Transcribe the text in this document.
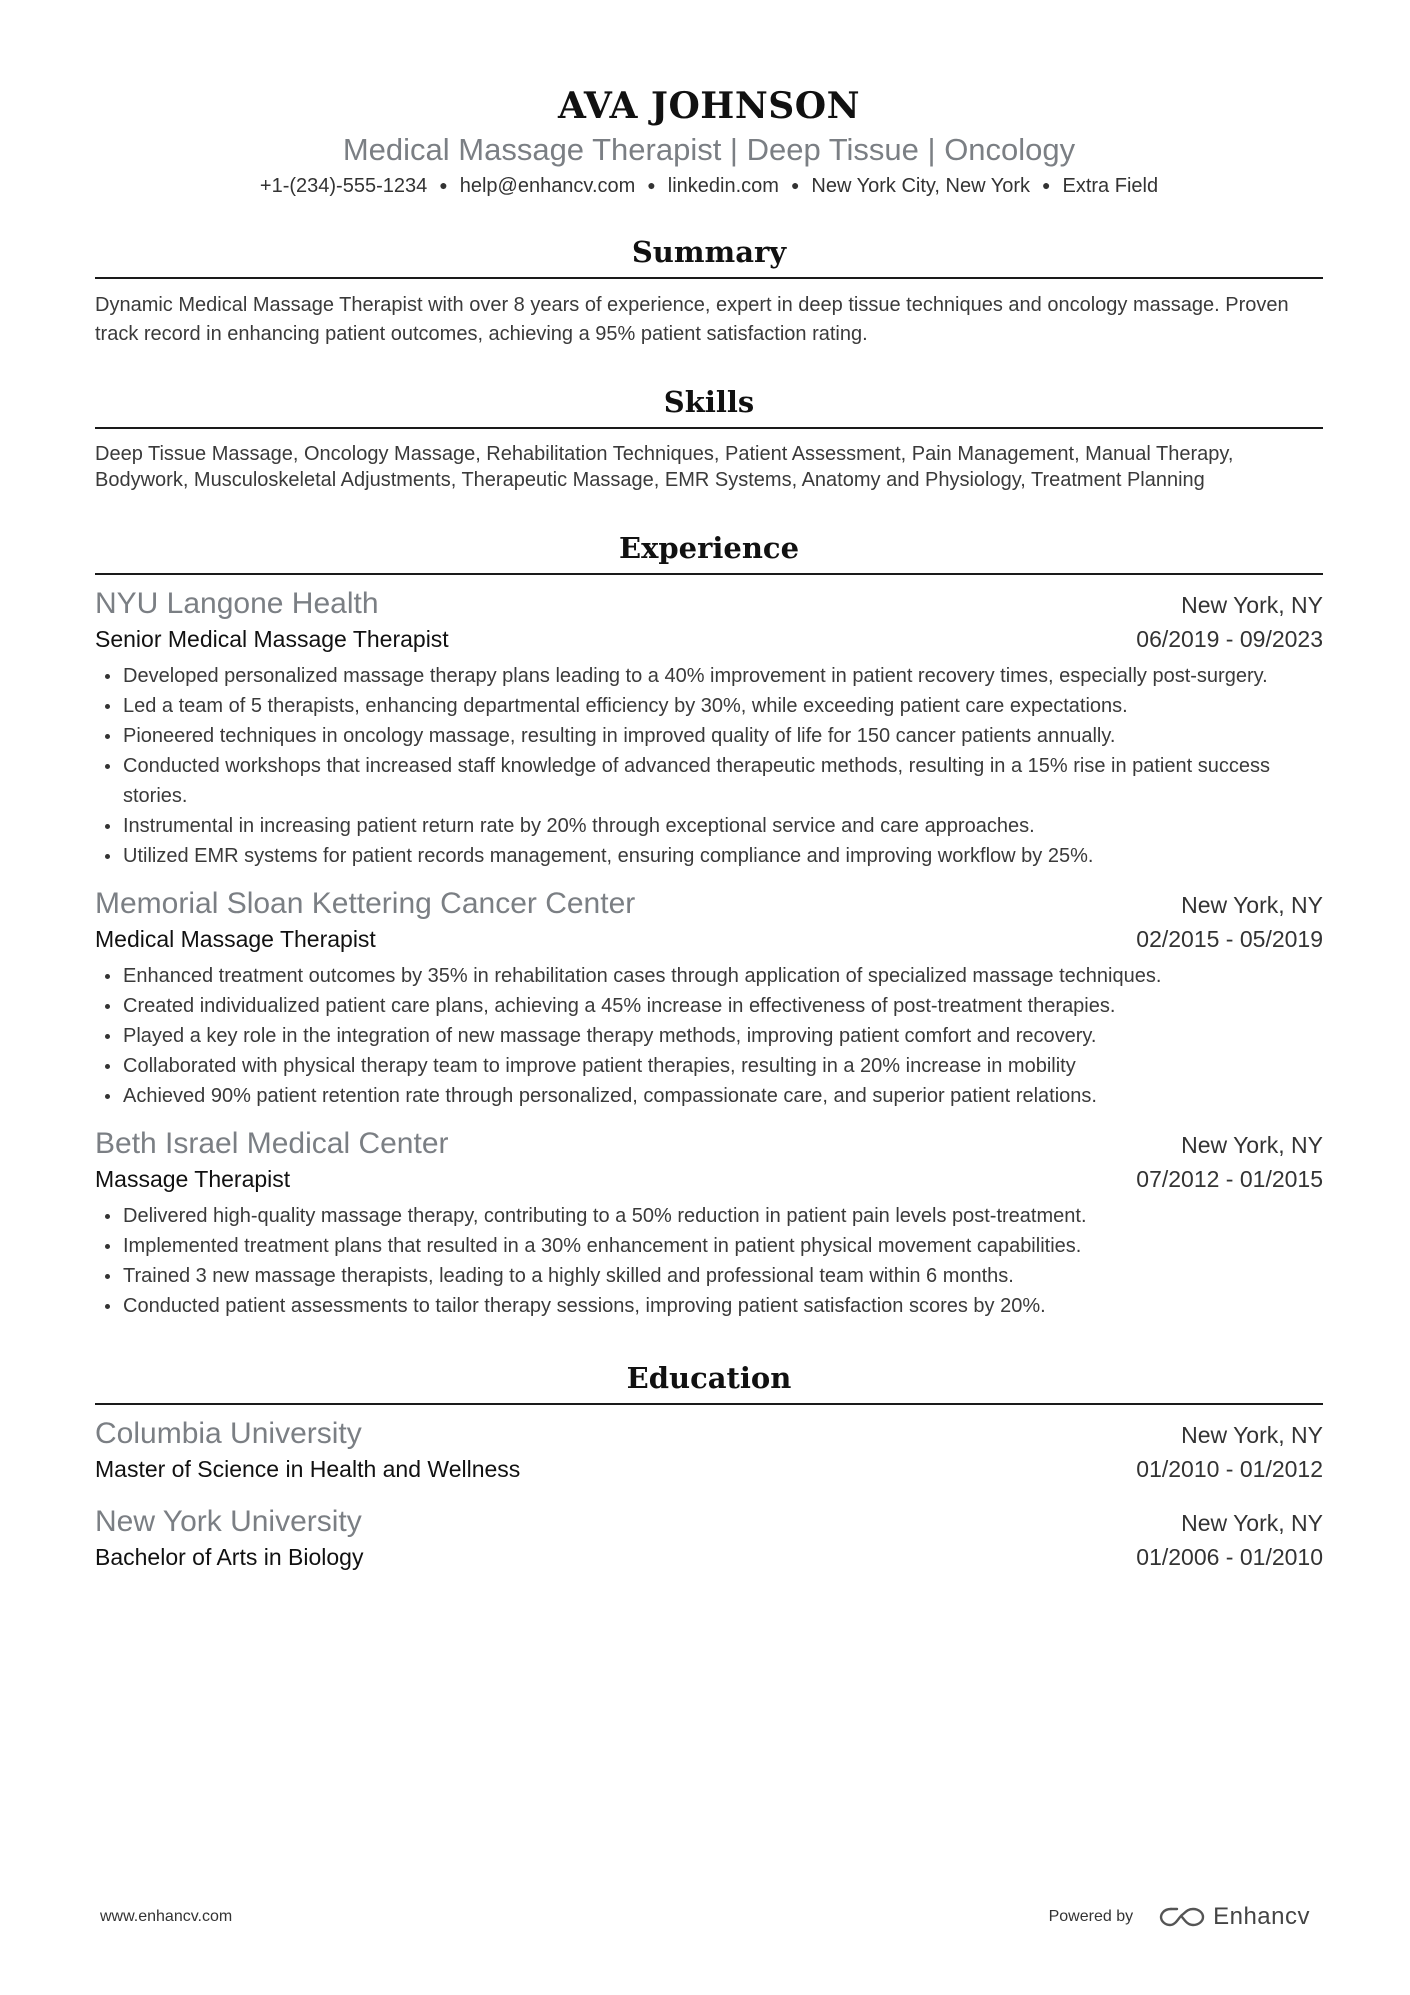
AVA JOHNSON
Medical Massage Therapist | Deep Tissue | Oncology
+1-(234)-555-1234 ● help@enhancv.com ● linkedin.com ● New York City, New York ● Extra Field
Summary
Dynamic Medical Massage Therapist with over 8 years of experience, expert in deep tissue techniques and oncology massage. Proven track record in enhancing patient outcomes, achieving a 95% patient satisfaction rating.
Skills
Deep Tissue Massage, Oncology Massage, Rehabilitation Techniques, Patient Assessment, Pain Management, Manual Therapy, Bodywork, Musculoskeletal Adjustments, Therapeutic Massage, EMR Systems, Anatomy and Physiology, Treatment Planning
Experience
NYU Langone Health	New York, NY
Senior Medical Massage Therapist	06/2019 - 09/2023
Developed personalized massage therapy plans leading to a 40% improvement in patient recovery times, especially post-surgery.
Led a team of 5 therapists, enhancing departmental efficiency by 30%, while exceeding patient care expectations.
Pioneered techniques in oncology massage, resulting in improved quality of life for 150 cancer patients annually.
Conducted workshops that increased staff knowledge of advanced therapeutic methods, resulting in a 15% rise in patient success stories.
Instrumental in increasing patient return rate by 20% through exceptional service and care approaches.
Utilized EMR systems for patient records management, ensuring compliance and improving workflow by 25%.
Memorial Sloan Kettering Cancer Center	New York, NY
Medical Massage Therapist	02/2015 - 05/2019
Enhanced treatment outcomes by 35% in rehabilitation cases through application of specialized massage techniques.
Created individualized patient care plans, achieving a 45% increase in effectiveness of post-treatment therapies.
Played a key role in the integration of new massage therapy methods, improving patient comfort and recovery.
Collaborated with physical therapy team to improve patient therapies, resulting in a 20% increase in mobility
Achieved 90% patient retention rate through personalized, compassionate care, and superior patient relations.
Beth Israel Medical Center	New York, NY
Massage Therapist	07/2012 - 01/2015
Delivered high-quality massage therapy, contributing to a 50% reduction in patient pain levels post-treatment.
Implemented treatment plans that resulted in a 30% enhancement in patient physical movement capabilities.
Trained 3 new massage therapists, leading to a highly skilled and professional team within 6 months.
Conducted patient assessments to tailor therapy sessions, improving patient satisfaction scores by 20%.
Education
Columbia University	New York, NY
Master of Science in Health and Wellness	01/2010 - 01/2012
New York University	New York, NY
Bachelor of Arts in Biology	01/2006 - 01/2010
www.enhancv.com	Powered by	Enhancv
